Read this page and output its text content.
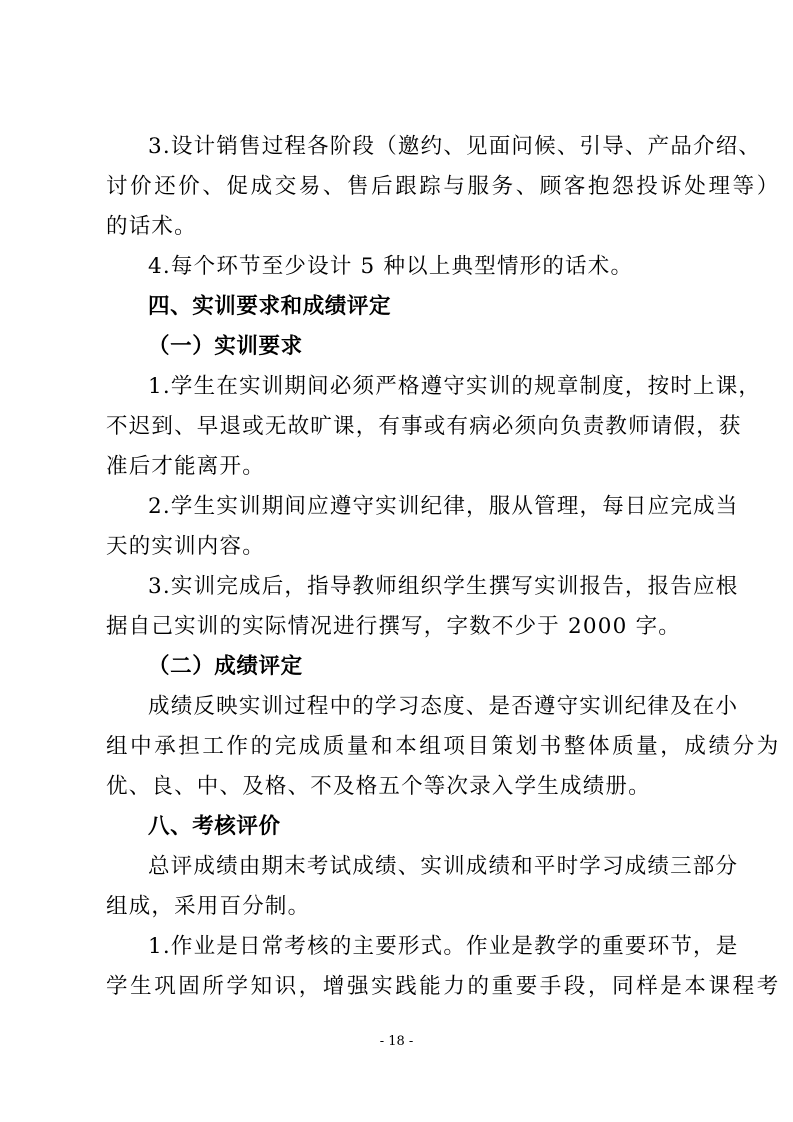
3.设计销售过程各阶段（邀约、见面问候、引导、产品介绍、
讨价还价、促成交易、售后跟踪与服务、顾客抱怨投诉处理等）
的话术。
4.每个环节至少设计 5 种以上典型情形的话术。
四、实训要求和成绩评定
（一）实训要求
1.学生在实训期间必须严格遵守实训的规章制度，按时上课，
不迟到、早退或无故旷课，有事或有病必须向负责教师请假，获
准后才能离开。
2.学生实训期间应遵守实训纪律，服从管理，每日应完成当
天的实训内容。
3.实训完成后，指导教师组织学生撰写实训报告，报告应根
据自己实训的实际情况进行撰写，字数不少于 2000 字。
（二）成绩评定
成绩反映实训过程中的学习态度、是否遵守实训纪律及在小
组中承担工作的完成质量和本组项目策划书整体质量，成绩分为
优、良、中、及格、不及格五个等次录入学生成绩册。
八、考核评价
总评成绩由期末考试成绩、实训成绩和平时学习成绩三部分
组成，采用百分制。
1.作业是日常考核的主要形式。作业是教学的重要环节，是
学生巩固所学知识，增强实践能力的重要手段，同样是本课程考
- 18 -
